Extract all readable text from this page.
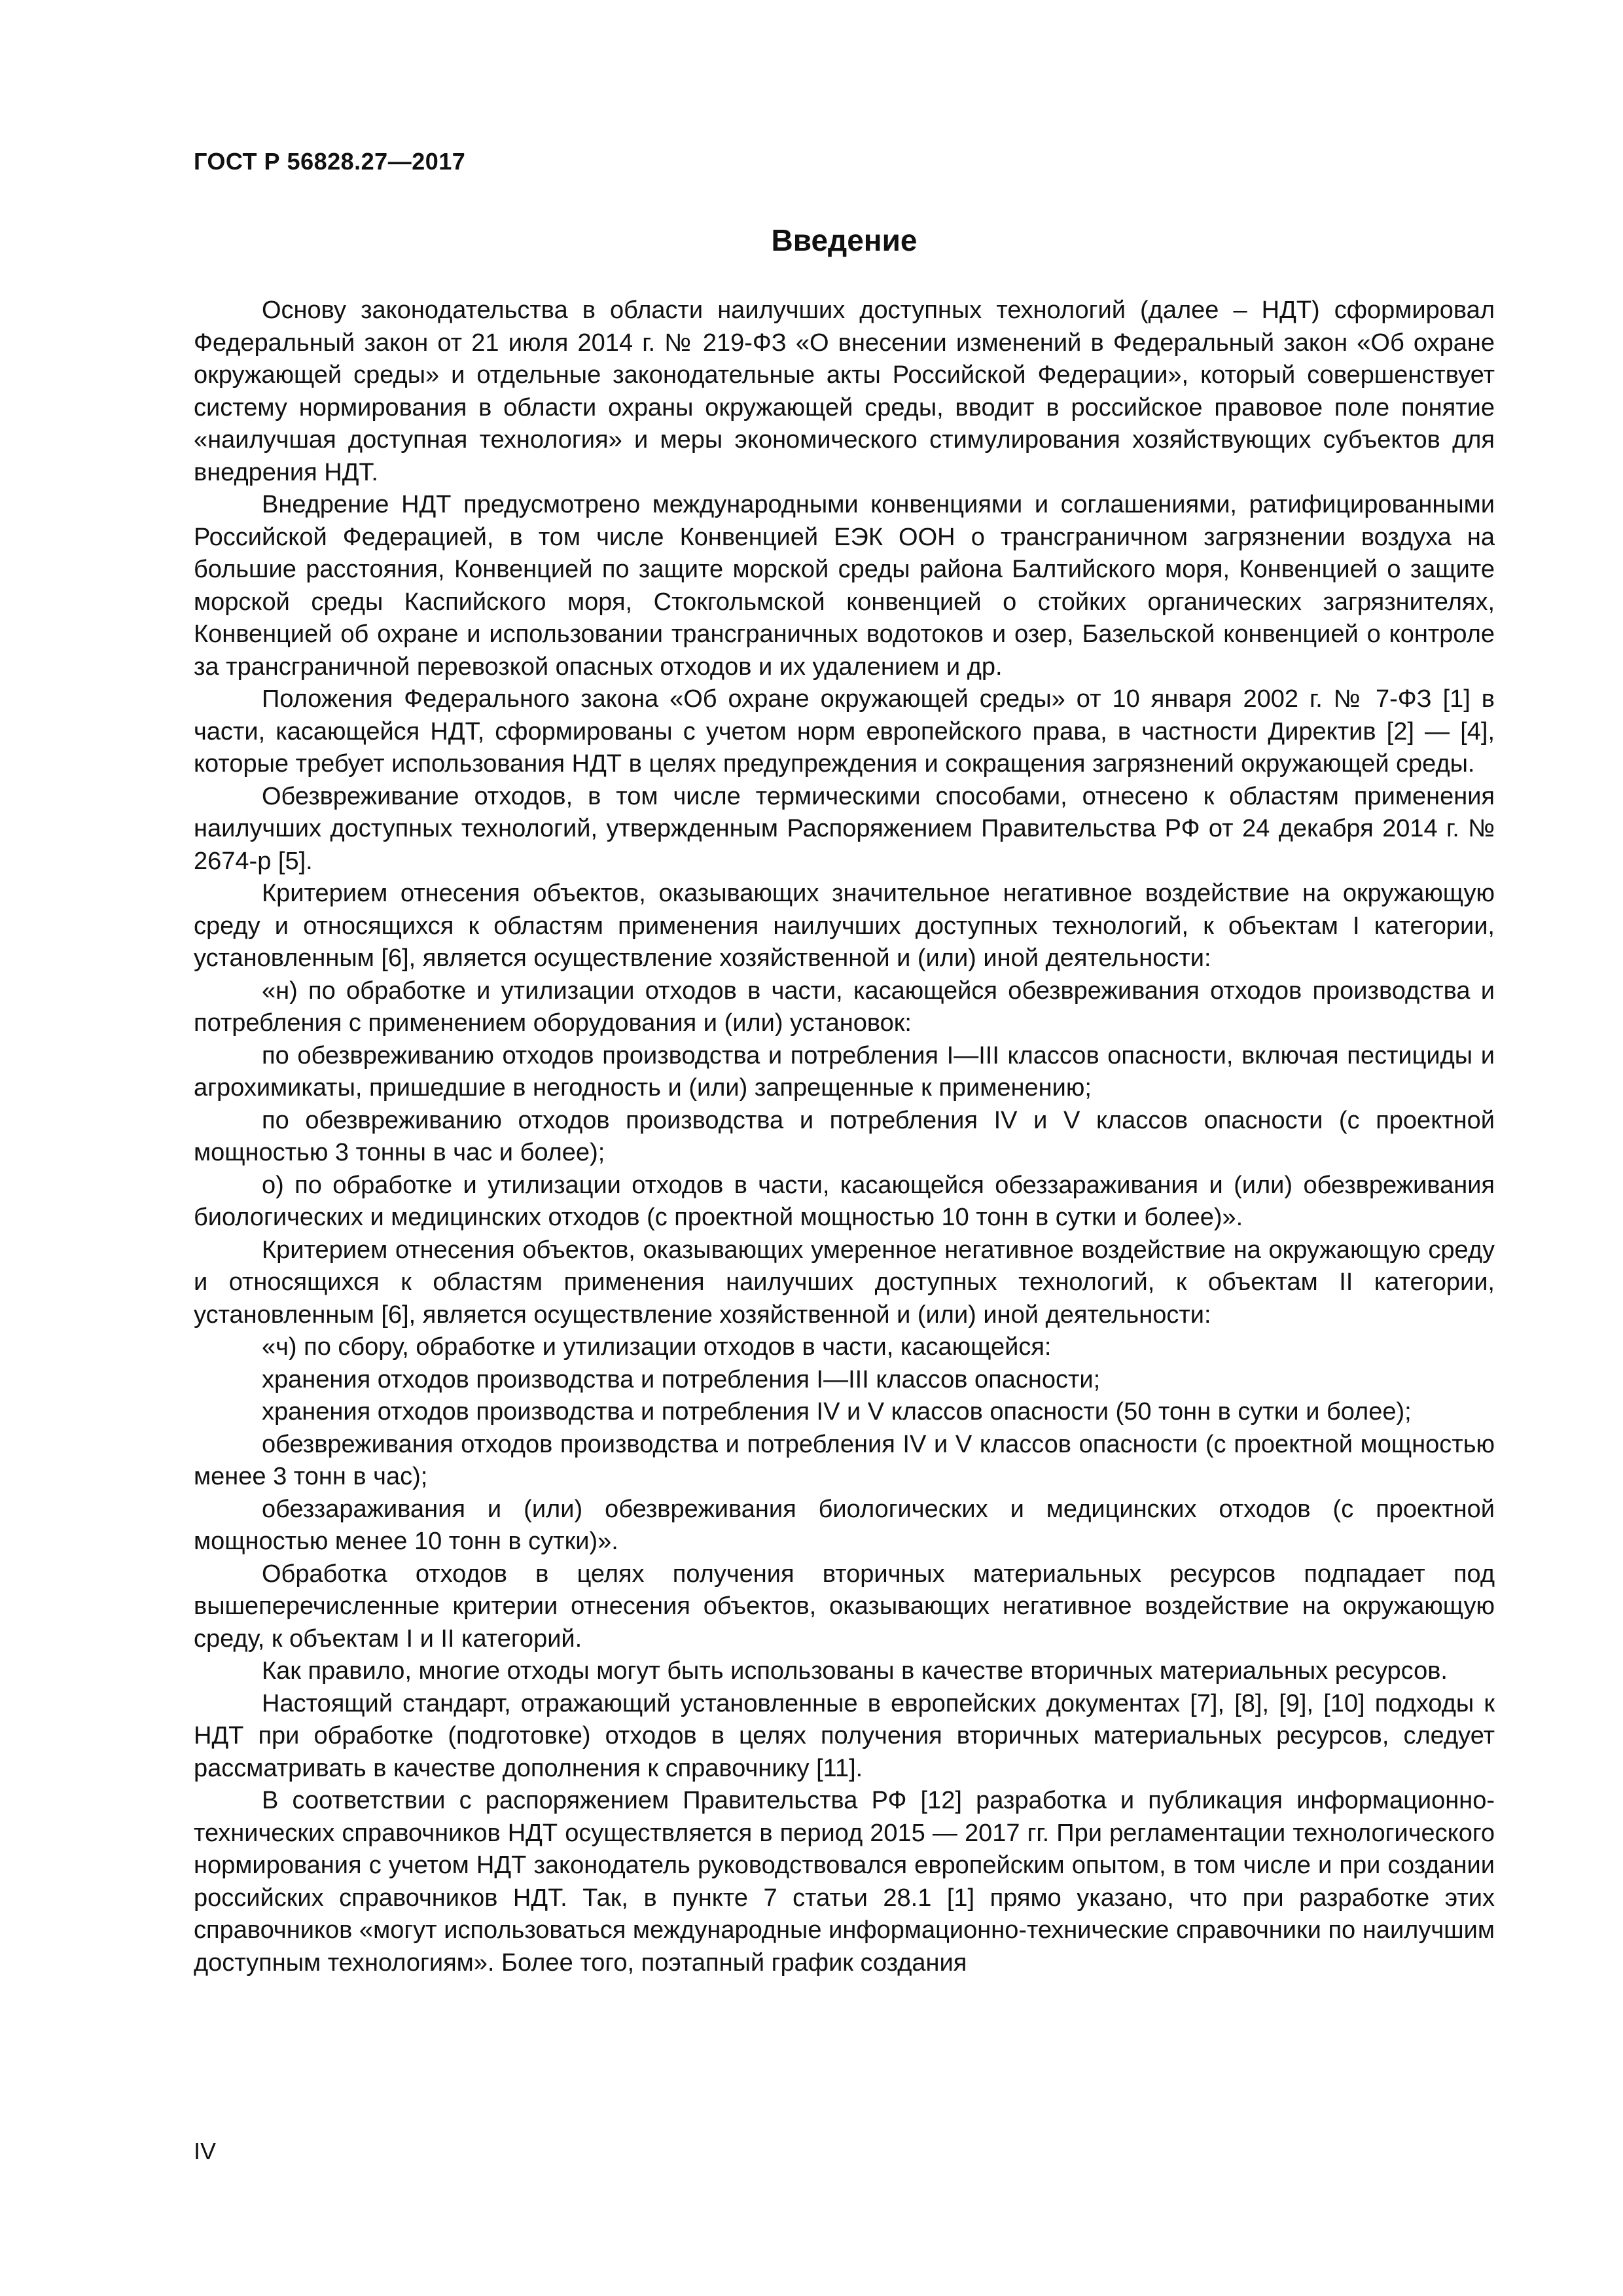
ГОСТ Р 56828.27—2017
Введение

Основу законодательства в области наилучших доступных технологий (далее – НДТ) сформировал Федеральный закон от 21 июля 2014 г. № 219-ФЗ «О внесении изменений в Федеральный закон «Об охране окружающей среды» и отдельные законодательные акты Российской Федерации», который совершенствует систему нормирования в области охраны окружающей среды, вводит в российское правовое поле понятие «наилучшая доступная технология» и меры экономического стимулирования хозяйствующих субъектов для внедрения НДТ.

Внедрение НДТ предусмотрено международными конвенциями и соглашениями, ратифицированными Российской Федерацией, в том числе Конвенцией ЕЭК ООН о трансграничном загрязнении воздуха на большие расстояния, Конвенцией по защите морской среды района Балтийского моря, Конвенцией о защите морской среды Каспийского моря, Стокгольмской конвенцией о стойких органических загрязнителях, Конвенцией об охране и использовании трансграничных водотоков и озер, Базельской конвенцией о контроле за трансграничной перевозкой опасных отходов и их удалением и др.

Положения Федерального закона «Об охране окружающей среды» от 10 января 2002 г. № 7-ФЗ [1] в части, касающейся НДТ, сформированы с учетом норм европейского права, в частности Директив [2] — [4], которые требует использования НДТ в целях предупреждения и сокращения загрязнений окружающей среды.

Обезвреживание отходов, в том числе термическими способами, отнесено к областям применения наилучших доступных технологий, утвержденным Распоряжением Правительства РФ от 24 декабря 2014 г. № 2674-р [5].

Критерием отнесения объектов, оказывающих значительное негативное воздействие на окружающую среду и относящихся к областям применения наилучших доступных технологий, к объектам I категории, установленным [6], является осуществление хозяйственной и (или) иной деятельности:

«н) по обработке и утилизации отходов в части, касающейся обезвреживания отходов производства и потребления с применением оборудования и (или) установок:

по обезвреживанию отходов производства и потребления I—III классов опасности, включая пестициды и агрохимикаты, пришедшие в негодность и (или) запрещенные к применению;

по обезвреживанию отходов производства и потребления IV и V классов опасности (с проектной мощностью 3 тонны в час и более);

о) по обработке и утилизации отходов в части, касающейся обеззараживания и (или) обезвреживания биологических и медицинских отходов (с проектной мощностью 10 тонн в сутки и более)».

Критерием отнесения объектов, оказывающих умеренное негативное воздействие на окружающую среду и относящихся к областям применения наилучших доступных технологий, к объектам II категории, установленным [6], является осуществление хозяйственной и (или) иной деятельности:

«ч) по сбору, обработке и утилизации отходов в части, касающейся:

хранения отходов производства и потребления I—III классов опасности;

хранения отходов производства и потребления IV и V классов опасности (50 тонн в сутки и более);

обезвреживания отходов производства и потребления IV и V классов опасности (с проектной мощностью менее 3 тонн в час);

обеззараживания и (или) обезвреживания биологических и медицинских отходов (с проектной мощностью менее 10 тонн в сутки)».

Обработка отходов в целях получения вторичных материальных ресурсов подпадает под вышеперечисленные критерии отнесения объектов, оказывающих негативное воздействие на окружающую среду, к объектам I и II категорий.

Как правило, многие отходы могут быть использованы в качестве вторичных материальных ресурсов.

Настоящий стандарт, отражающий установленные в европейских документах [7], [8], [9], [10] подходы к НДТ при обработке (подготовке) отходов в целях получения вторичных материальных ресурсов, следует рассматривать в качестве дополнения к справочнику [11].

В соответствии с распоряжением Правительства РФ [12] разработка и публикация информационно-технических справочников НДТ осуществляется в период 2015 — 2017 гг. При регламентации технологического нормирования с учетом НДТ законодатель руководствовался европейским опытом, в том числе и при создании российских справочников НДТ. Так, в пункте 7 статьи 28.1 [1] прямо указано, что при разработке этих справочников «могут использоваться международные информационно-технические справочники по наилучшим доступным технологиям». Более того, поэтапный график создания

IV
